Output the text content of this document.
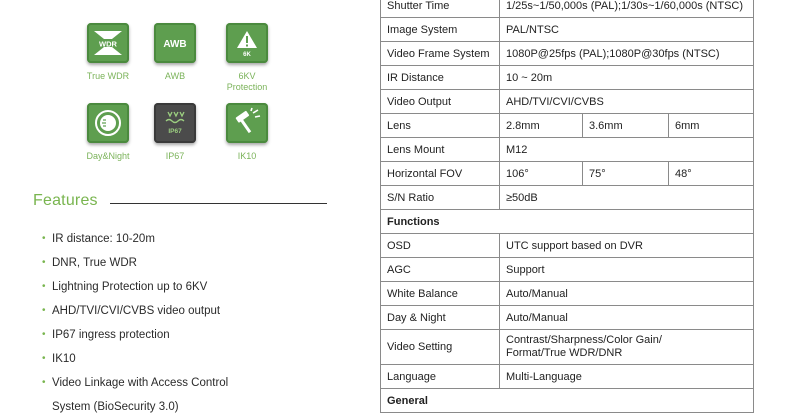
WDR
True WDR
AWB
AWB
6K
6KV
Protection
Day&Night
IP67
IP67	IK10
Features
• IR distance: 10-20m
• DNR, True WDR
• Lightning Protection up to 6KV
• AHD/TVI/CVI/CVBS video output
• IP67 ingress protection
• IK10
• Video Linkage with Access Control
System (BioSecurity 3.0)
Shutter Time	1/25s~1/50,000s (PAL);1/30s~1/60,000s (NTSC)		
Image System	PAL/NTSC		
Video Frame System	1080P@25fps (PAL);1080P@30fps (NTSC)		
IR Distance	10 ~ 20m		
Video Output	AHD/TVI/CVI/CVBS		
Lens	2.8mm	3.6mm	6mm
Lens Mount	M12		
Horizontal FOV	106°	75°	48°
S/N Ratio	≥50dB		
Functions			
OSD	UTC support based on DVR		
AGC	Support		
White Balance	Auto/Manual		
Day & Night	Auto/Manual		
Video Setting	Contrast/Sharpness/Color Gain/
Format/True WDR/DNR		
Language	Multi-Language		
General			
